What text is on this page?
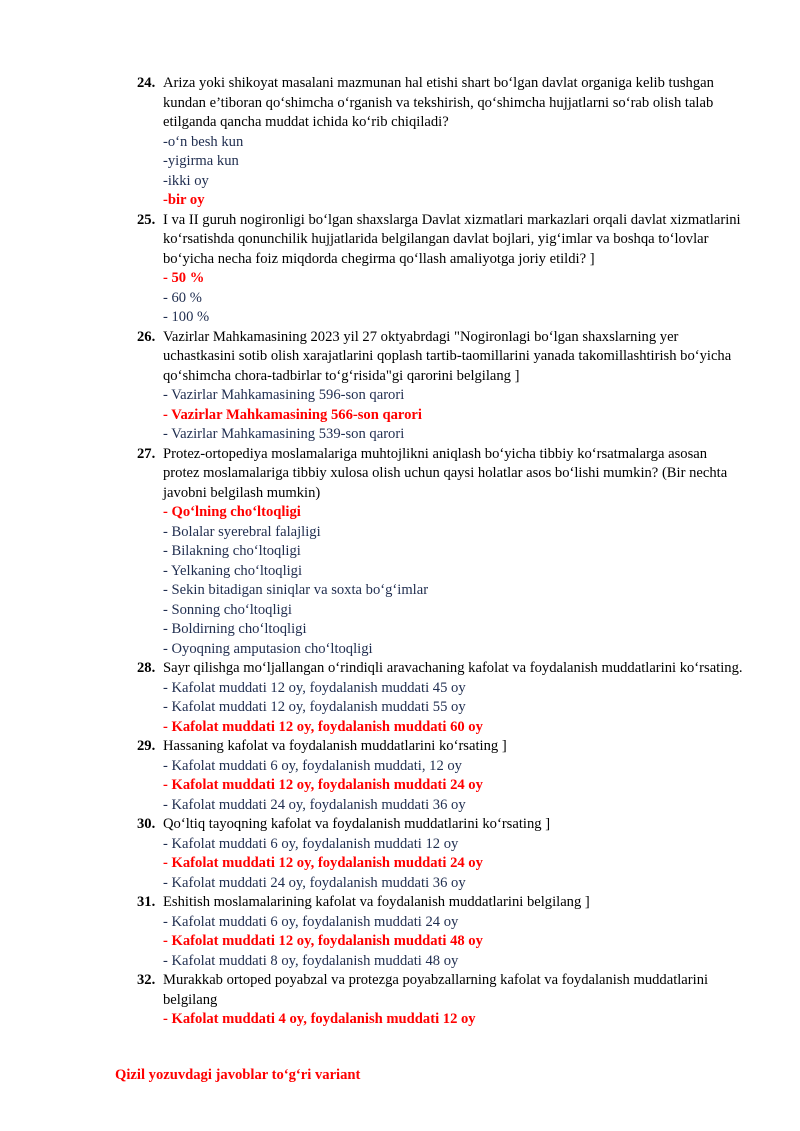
24. Ariza yoki shikoyat masalani mazmunan hal etishi shart bo‘lgan davlat organiga kelib tushgan kundan e’tiboran qo‘shimcha o‘rganish va tekshirish, qo‘shimcha hujjatlarni so‘rab olish talab etilganda qancha muddat ichida ko‘rib chiqiladi?

-o‘n besh kun
-yigirma kun
-ikki oy
-bir oy
25. I va II guruh nogironligi bo‘lgan shaxslarga Davlat xizmatlari markazlari orqali davlat xizmatlarini ko‘rsatishda qonunchilik hujjatlarida belgilangan davlat bojlari, yig‘imlar va boshqa to‘lovlar bo‘yicha necha foiz miqdorda chegirma qo‘llash amaliyotga joriy etildi? ]

- 50 %
- 60 %
- 100 %
26. Vazirlar Mahkamasining 2023 yil 27 oktyabrdagi "Nogironlagi bo‘lgan shaxslarning yer uchastkasini sotib olish xarajatlarini qoplash tartib-taomillarini yanada takomillashtirish bo‘yicha qo‘shimcha chora-tadbirlar to‘g‘risida"gi qarorini belgilang ]

- Vazirlar Mahkamasining 596-son qarori
- Vazirlar Mahkamasining 566-son qarori
- Vazirlar Mahkamasining 539-son qarori
27. Protez-ortopediya moslamalariga muhtojlikni aniqlash bo‘yicha tibbiy ko‘rsatmalarga asosan protez moslamalariga tibbiy xulosa olish uchun qaysi holatlar asos bo‘lishi mumkin? (Bir nechta javobni belgilash mumkin)

- Qo‘lning cho‘ltoqligi
- Bolalar syerebral falajligi
- Bilakning cho‘ltoqligi
- Yelkaning cho‘ltoqligi
- Sekin bitadigan siniqlar va soxta bo‘g‘imlar
- Sonning cho‘ltoqligi
- Boldirning cho‘ltoqligi
- Oyoqning amputasion cho‘ltoqligi
28. Sayr qilishga mo‘ljallangan o‘rindiqli aravachaning kafolat va foydalanish muddatlarini ko‘rsating.

- Kafolat muddati 12 oy, foydalanish muddati 45 oy
- Kafolat muddati 12 oy, foydalanish muddati 55 oy
- Kafolat muddati 12 oy, foydalanish muddati 60 oy
29. Hassaning kafolat va foydalanish muddatlarini ko‘rsating ]

- Kafolat muddati 6 oy, foydalanish muddati, 12 oy
- Kafolat muddati 12 oy, foydalanish muddati 24 oy
- Kafolat muddati 24 oy, foydalanish muddati 36 oy
30. Qo‘ltiq tayoqning kafolat va foydalanish muddatlarini ko‘rsating ]

- Kafolat muddati 6 oy, foydalanish muddati 12 oy
- Kafolat muddati 12 oy, foydalanish muddati 24 oy
- Kafolat muddati 24 oy, foydalanish muddati 36 oy
31. Eshitish moslamalarining kafolat va foydalanish muddatlarini belgilang ]

- Kafolat muddati 6 oy, foydalanish muddati 24 oy
- Kafolat muddati 12 oy, foydalanish muddati 48 oy
- Kafolat muddati 8 oy, foydalanish muddati 48 oy
32. Murakkab ortoped poyabzal va protezga poyabzallarning kafolat va foydalanish muddatlarini belgilang

- Kafolat muddati 4 oy, foydalanish muddati 12 oy
Qizil yozuvdagi javoblar to‘g‘ri variant
